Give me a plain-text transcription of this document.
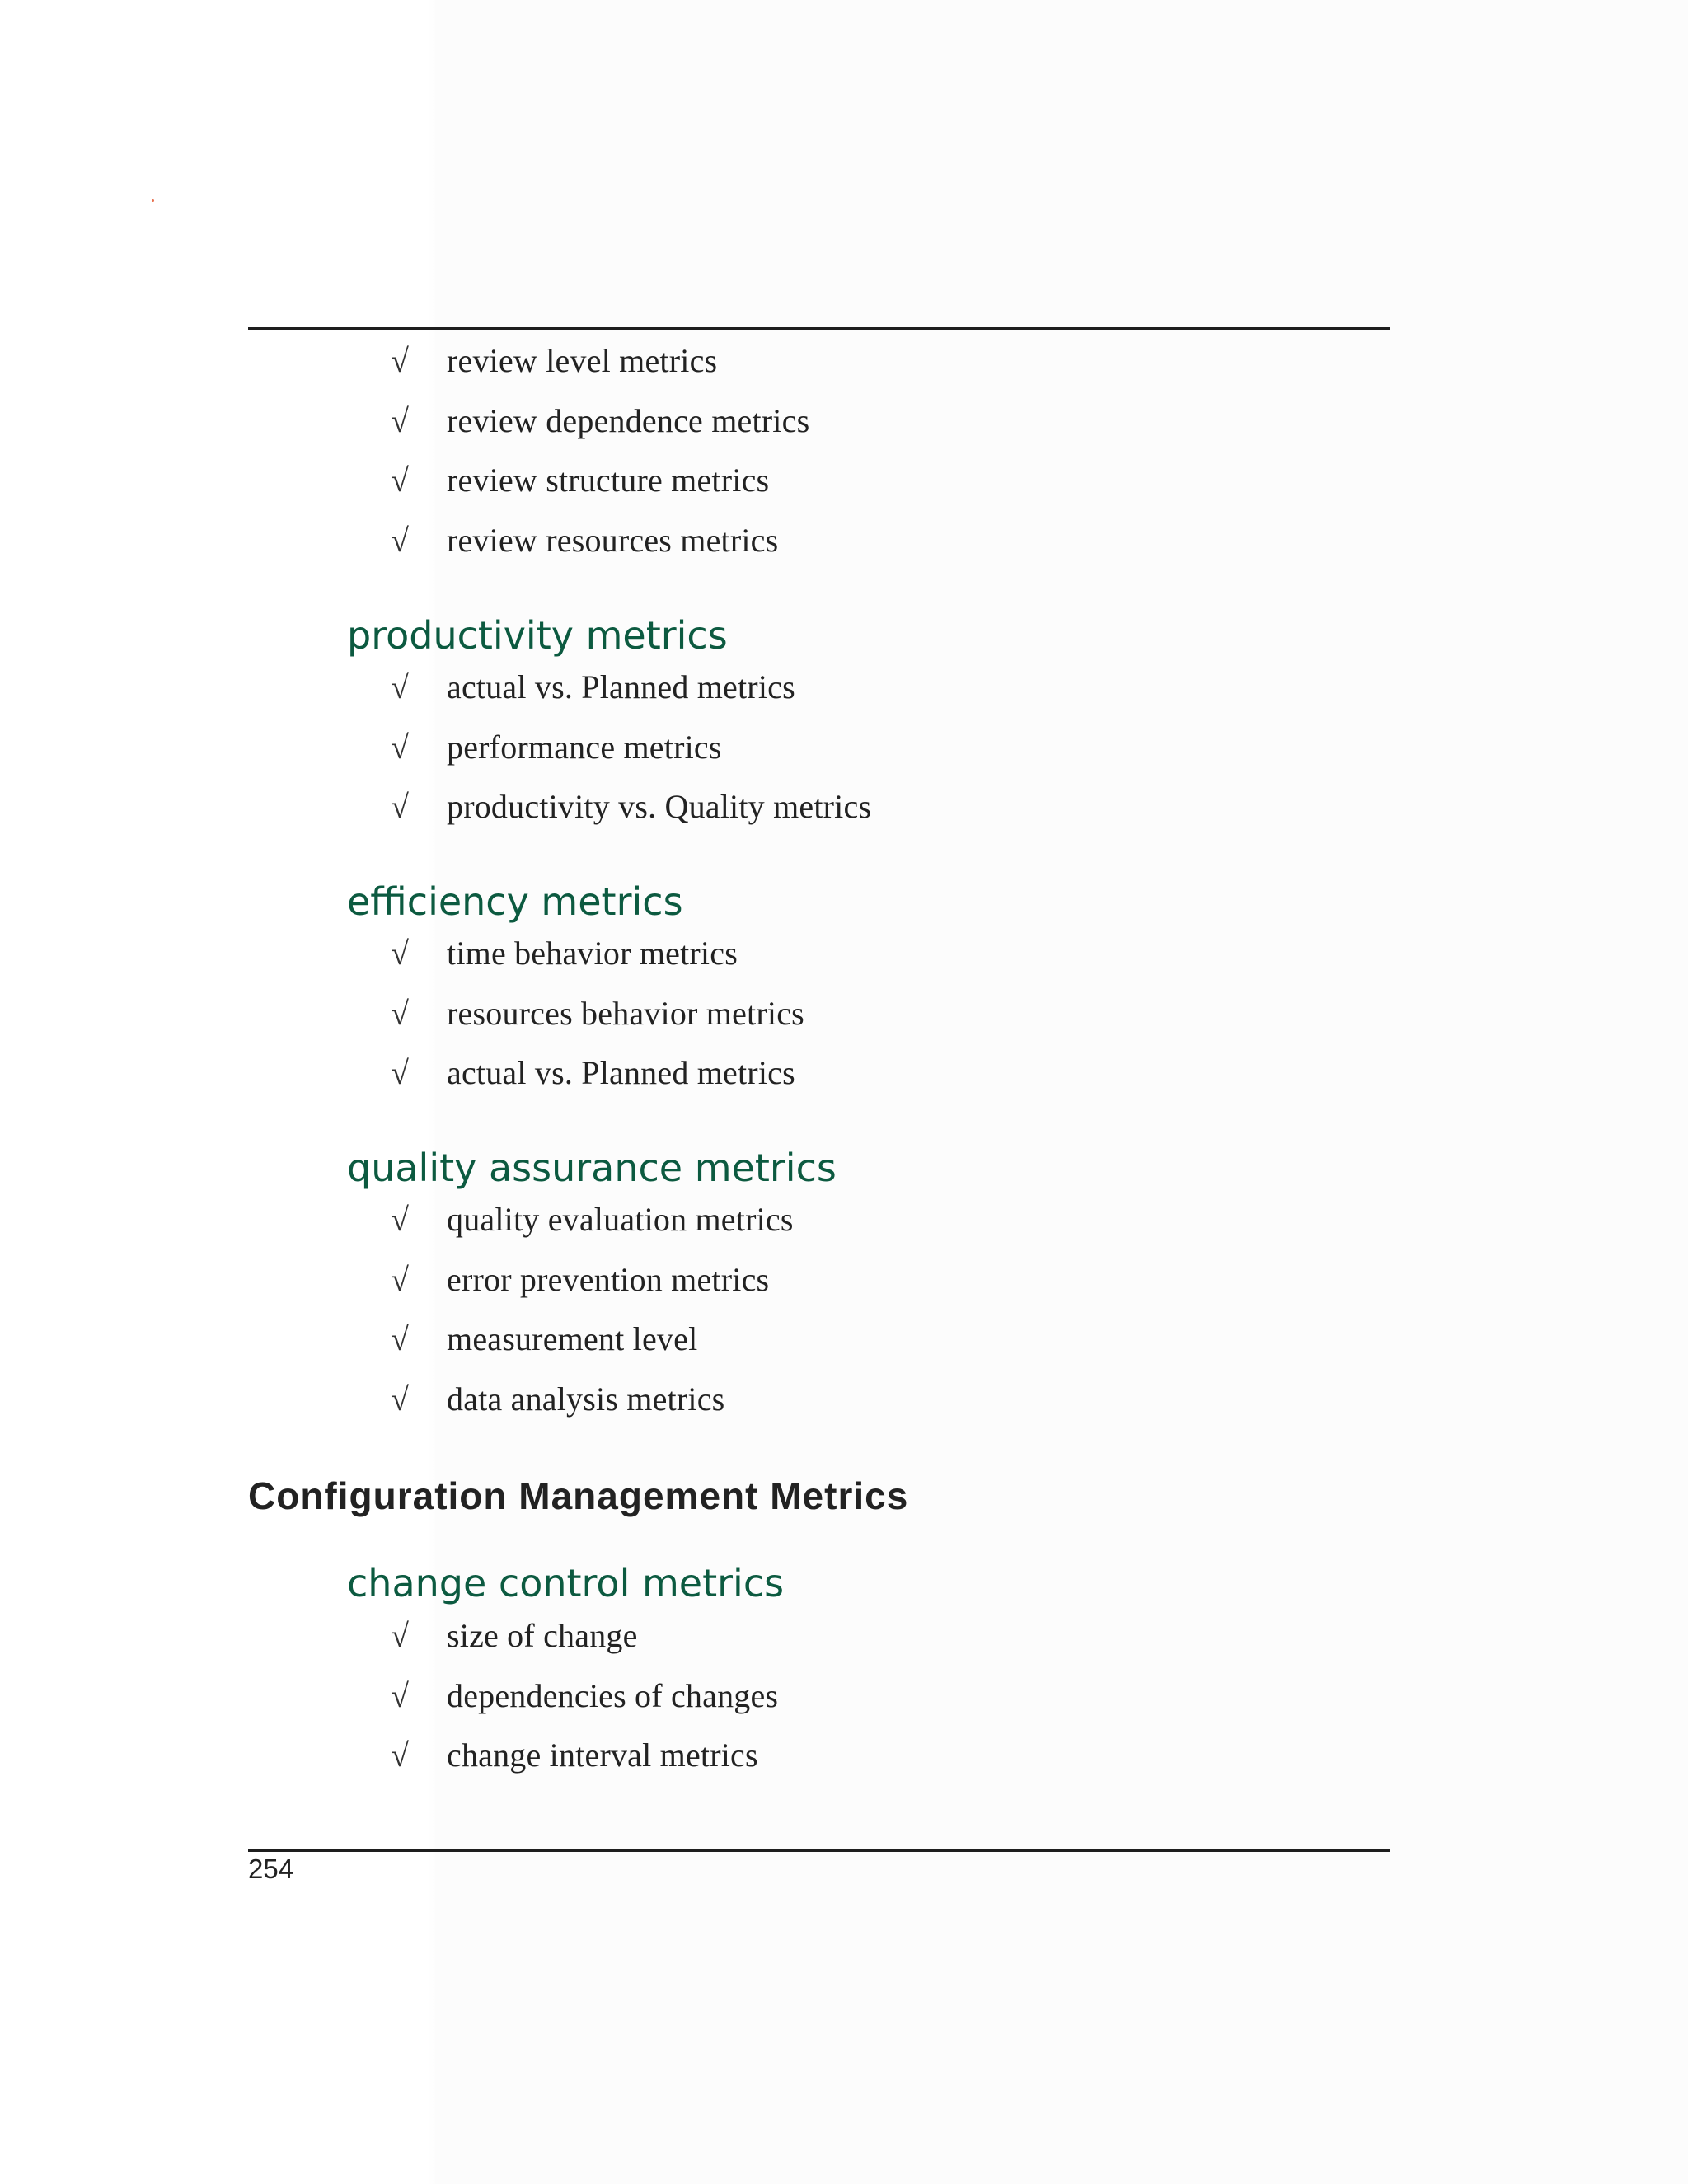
√ review level metrics
√ review dependence metrics
√ review structure metrics
√ review resources metrics
productivity metrics
√ actual vs. Planned metrics
√ performance metrics
√ productivity vs. Quality metrics
efficiency metrics
√ time behavior metrics
√ resources behavior metrics
√ actual vs. Planned metrics
quality assurance metrics
√ quality evaluation metrics
√ error prevention metrics
√ measurement level
√ data analysis metrics
Configuration Management Metrics
change control metrics
√ size of change
√ dependencies of changes
√ change interval metrics
254
